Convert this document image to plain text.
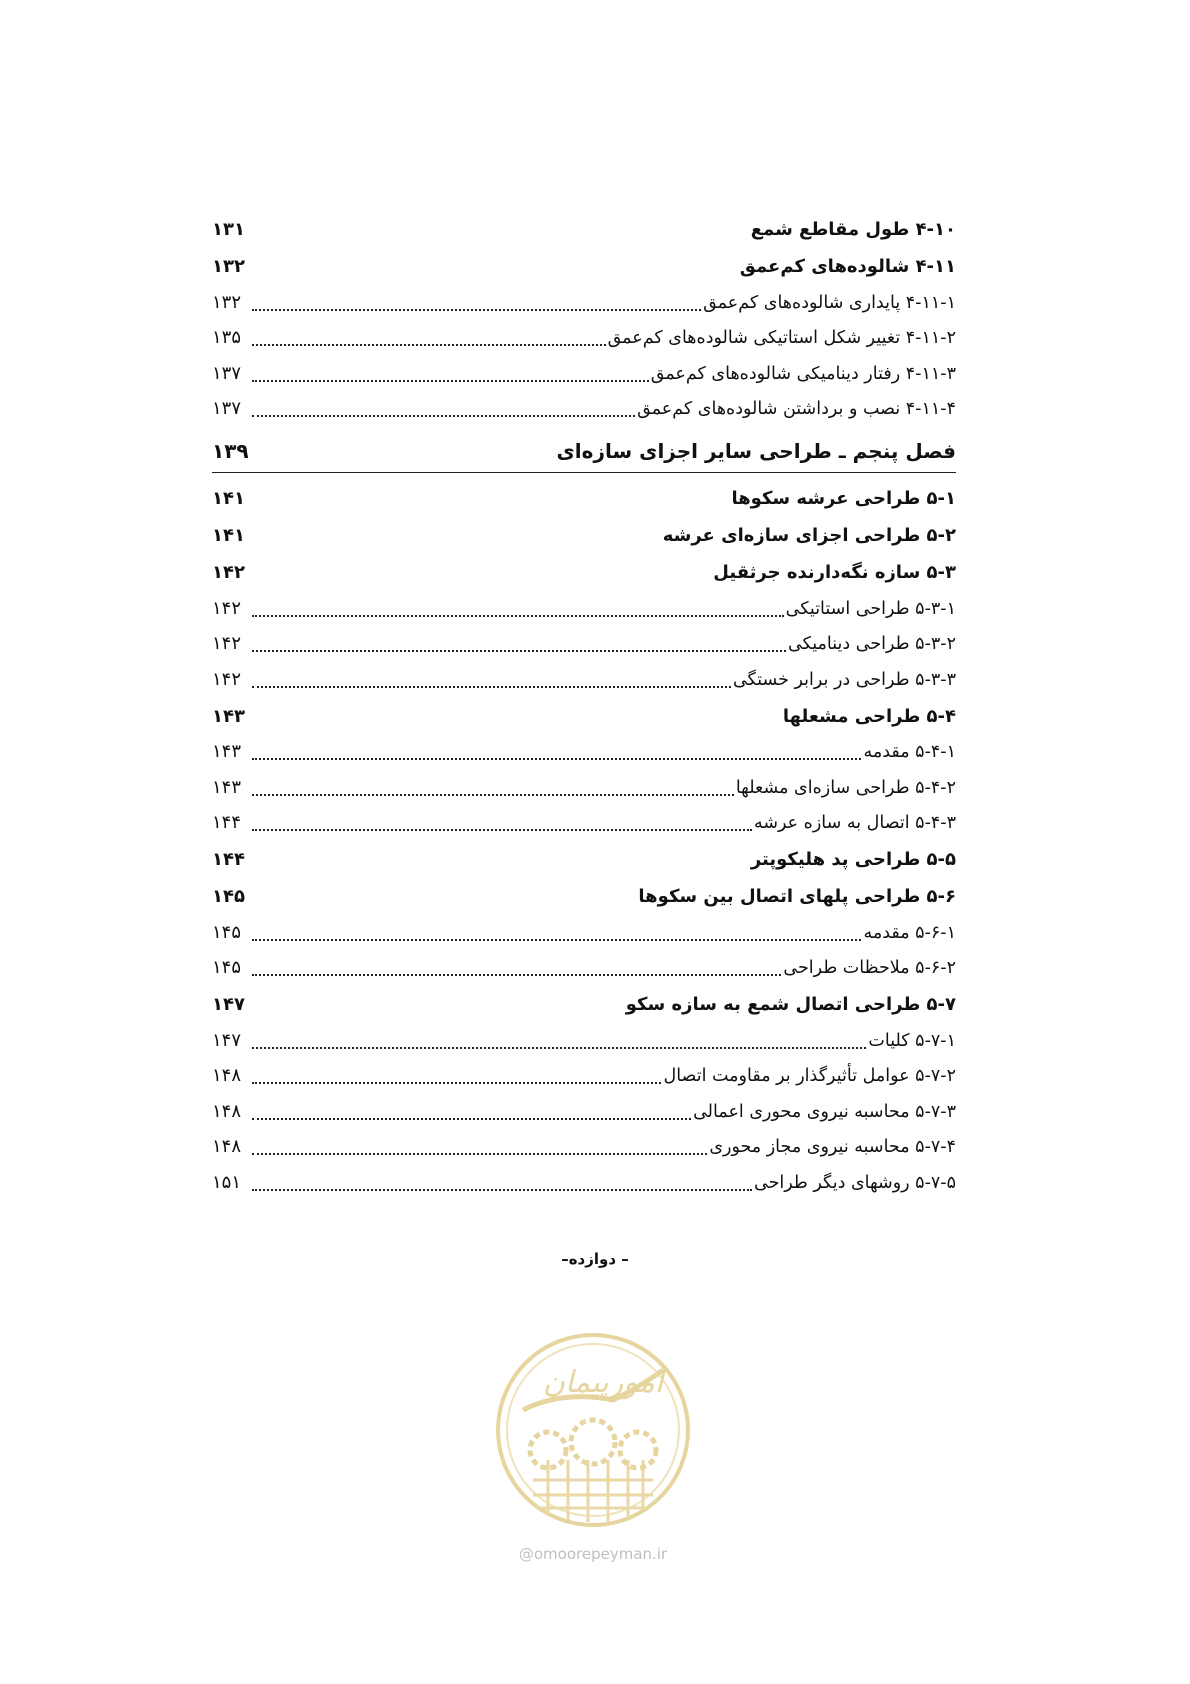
۴-۱۰ طول مقاطع شمع
۱۳۱
۴-۱۱ شالوده‌های کم‌عمق
۱۳۲
۴-۱۱-۱ پایداری شالوده‌های کم‌عمق
۱۳۲
۴-۱۱-۲ تغییر شکل استاتیکی شالوده‌های کم‌عمق
۱۳۵
۴-۱۱-۳ رفتار دینامیکی شالوده‌های کم‌عمق
۱۳۷
۴-۱۱-۴ نصب و برداشتن شالوده‌های کم‌عمق
۱۳۷
فصل پنجم ـ طراحی سایر اجزای سازه‌ای
۱۳۹
۵-۱ طراحی عرشه سکوها
۱۴۱
۵-۲ طراحی اجزای سازه‌ای عرشه
۱۴۱
۵-۳ سازه نگه‌دارنده جرثقیل
۱۴۲
۵-۳-۱ طراحی استاتیکی
۱۴۲
۵-۳-۲ طراحی دینامیکی
۱۴۲
۵-۳-۳ طراحی در برابر خستگی
۱۴۲
۵-۴ طراحی مشعلها
۱۴۳
۵-۴-۱ مقدمه
۱۴۳
۵-۴-۲ طراحی سازه‌ای مشعلها
۱۴۳
۵-۴-۳ اتصال به سازه عرشه
۱۴۴
۵-۵ طراحی پد هلیکوپتر
۱۴۴
۵-۶ طراحی پلهای اتصال بین سکوها
۱۴۵
۵-۶-۱ مقدمه
۱۴۵
۵-۶-۲ ملاحظات طراحی
۱۴۵
۵-۷ طراحی اتصال شمع به سازه سکو
۱۴۷
۵-۷-۱ کلیات
۱۴۷
۵-۷-۲ عوامل تأثیرگذار بر مقاومت اتصال
۱۴۸
۵-۷-۳ محاسبه نیروی محوری اعمالی
۱۴۸
۵-۷-۴ محاسبه نیروی مجاز محوری
۱۴۸
۵-۷-۵ روشهای دیگر طراحی
۱۵۱
– دوازده–
امورپیمان
@omoorepeyman.ir
